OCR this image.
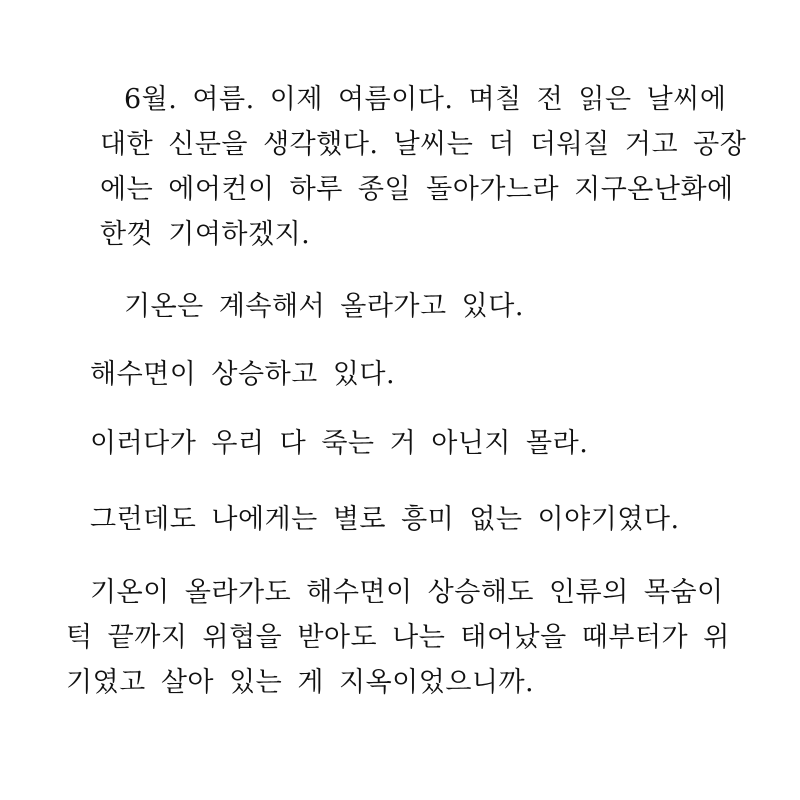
6월. 여름. 이제 여름이다. 며칠 전 읽은 날씨에
대한 신문을 생각했다. 날씨는 더 더워질 거고 공장
에는 에어컨이 하루 종일 돌아가느라 지구온난화에
한껏 기여하겠지.
기온은 계속해서 올라가고 있다.
해수면이 상승하고 있다.
이러다가 우리 다 죽는 거 아닌지 몰라.
그런데도 나에게는 별로 흥미 없는 이야기였다.
기온이 올라가도 해수면이 상승해도 인류의 목숨이
턱 끝까지 위협을 받아도 나는 태어났을 때부터가 위
기였고 살아 있는 게 지옥이었으니까.
